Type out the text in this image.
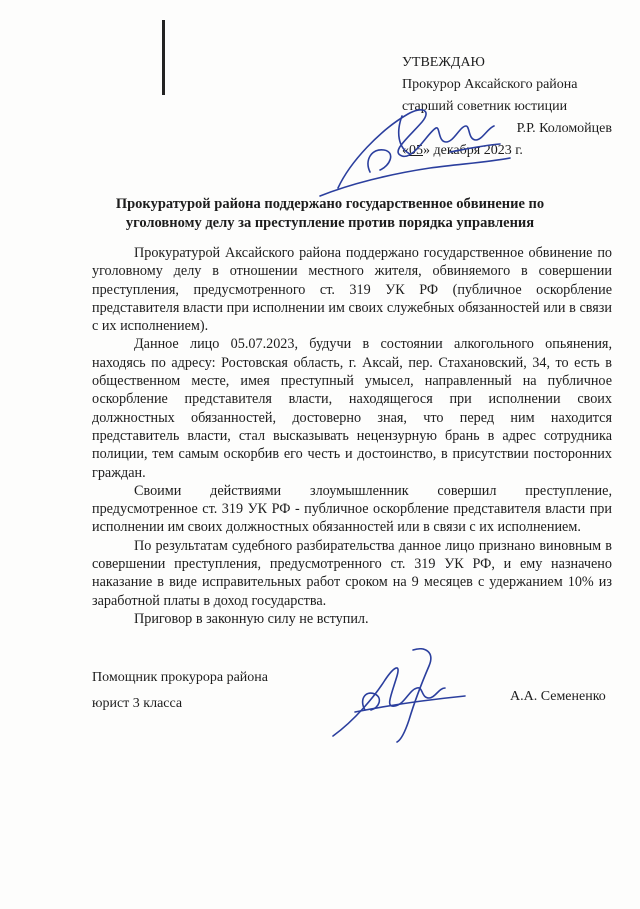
УТВЕЖДАЮ
Прокурор Аксайского района
старший советник юстиции
Р.Р. Коломойцев
«05» декабря 2023 г.
Прокуратурой района поддержано государственное обвинение по
уголовному делу за преступление против порядка управления

Прокуратурой Аксайского района поддержано государственное обвинение по уголовному делу в отношении местного жителя, обвиняемого в совершении преступления, предусмотренного ст. 319 УК РФ (публичное оскорбление представителя власти при исполнении им своих служебных обязанностей или в связи с их исполнением).

Данное лицо 05.07.2023, будучи в состоянии алкогольного опьянения, находясь по адресу: Ростовская область, г. Аксай, пер. Стахановский, 34, то есть в общественном месте, имея преступный умысел, направленный на публичное оскорбление представителя власти, находящегося при исполнении своих должностных обязанностей, достоверно зная, что перед ним находится представитель власти, стал высказывать нецензурную брань в адрес сотрудника полиции, тем самым оскорбив его честь и достоинство, в присутствии посторонних граждан.

Своими действиями злоумышленник совершил преступление, предусмотренное ст. 319 УК РФ - публичное оскорбление представителя власти при исполнении им своих должностных обязанностей или в связи с их исполнением.

По результатам судебного разбирательства данное лицо признано виновным в совершении преступления, предусмотренного ст. 319 УК РФ, и ему назначено наказание в виде исправительных работ сроком на 9 месяцев с удержанием 10% из заработной платы в доход государства.

Приговор в законную силу не вступил.

Помощник прокурора района
юрист 3 класса	А.А. Семененко
